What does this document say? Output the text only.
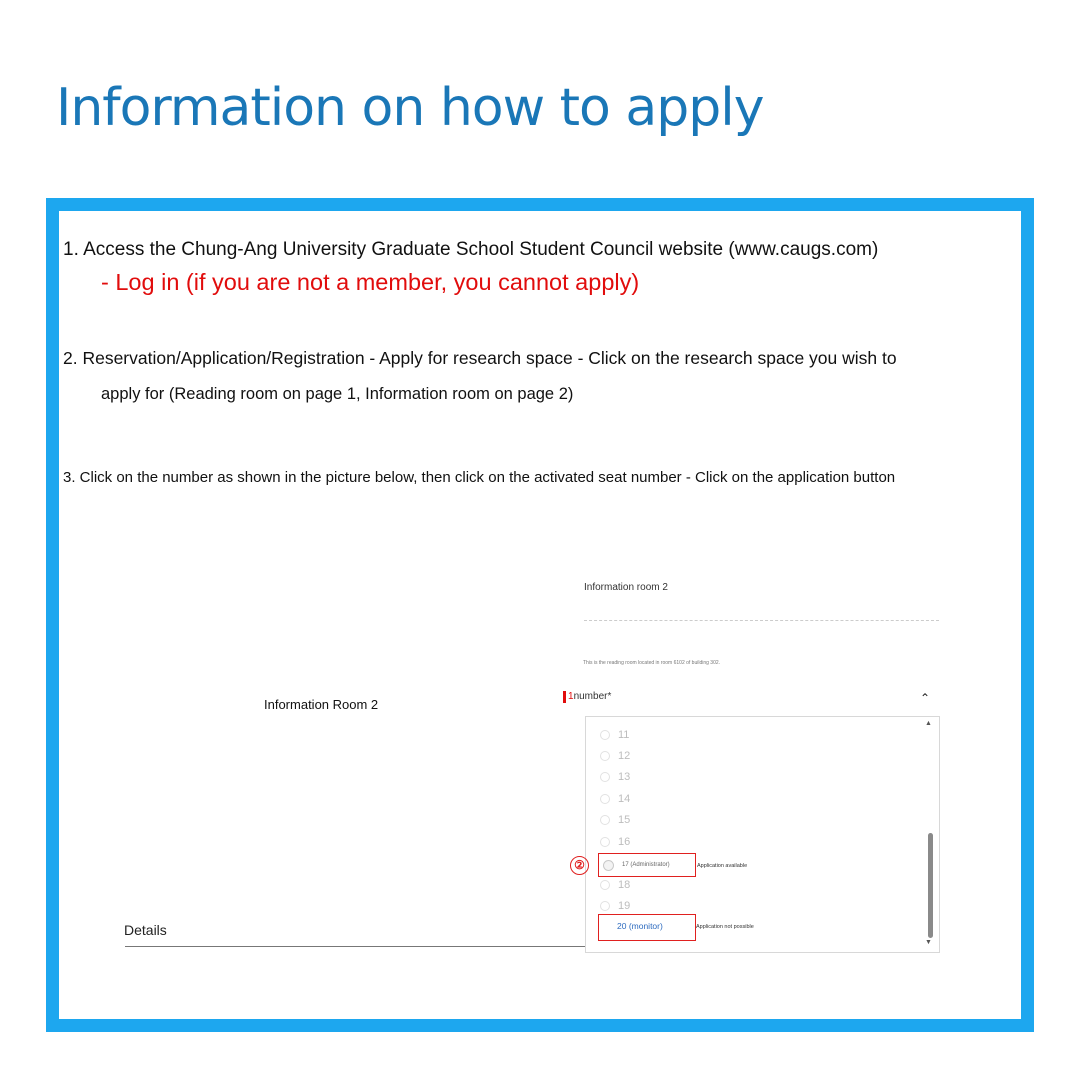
Information on how to apply
1. Access the Chung-Ang University Graduate School Student Council website (www.caugs.com)
- Log in (if you are not a member, you cannot apply)
2. Reservation/Application/Registration - Apply for research space - Click on the research space you wish to
apply for (Reading room on page 1, Information room on page 2)
3. Click on the number as shown in the picture below, then click on the activated seat number - Click on the application button
Information Room 2
Details
Information room 2
This is the reading room located in room 6102 of building 302.
1number*	⌃
▲
11
12
13
14
15
16
18
19
▼
②	17 (Administrator)	Application available
20 (monitor)	Application not possible
